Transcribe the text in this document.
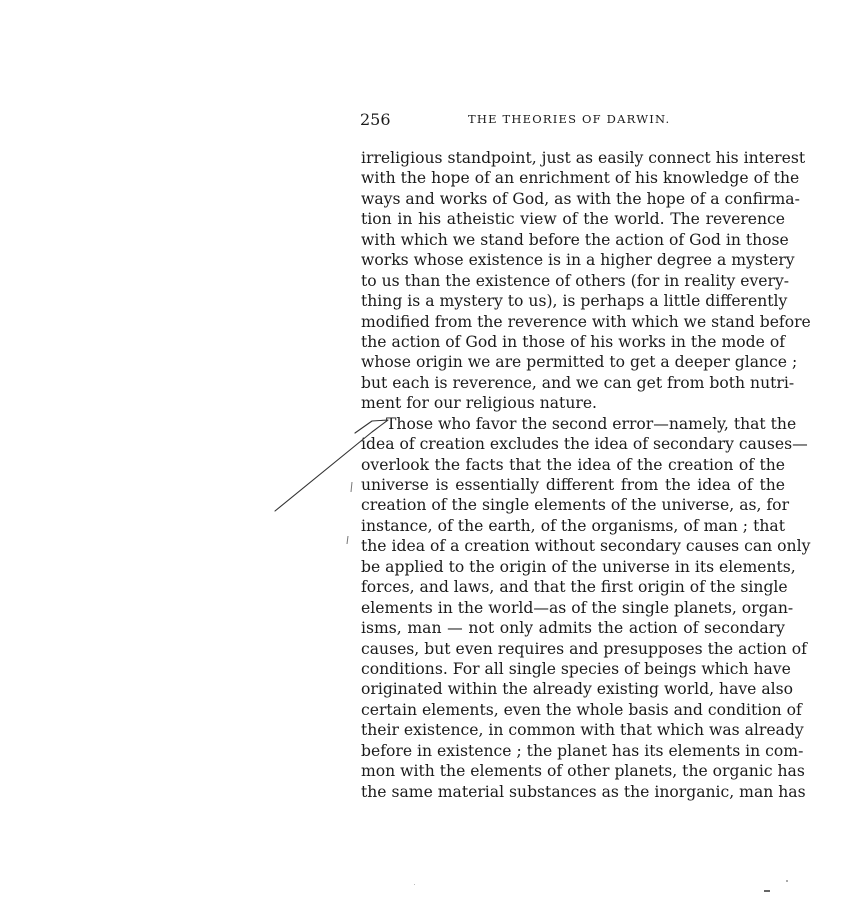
256	THE THEORIES OF DARWIN.
irreligious standpoint, just as easily connect his interest
with the hope of an enrichment of his knowledge of the
ways and works of God, as with the hope of a confirma-
tion in his atheistic view of the world. The reverence
with which we stand before the action of God in those
works whose existence is in a higher degree a mystery
to us than the existence of others (for in reality every-
thing is a mystery to us), is perhaps a little differently
modified from the reverence with which we stand before
the action of God in those of his works in the mode of
whose origin we are permitted to get a deeper glance ;
but each is reverence, and we can get from both nutri-
ment for our religious nature.
Those who favor the second error—namely, that the
idea of creation excludes the idea of secondary causes—
overlook the facts that the idea of the creation of the
universe is essentially different from the idea of the
creation of the single elements of the universe, as, for
instance, of the earth, of the organisms, of man ; that
the idea of a creation without secondary causes can only
be applied to the origin of the universe in its elements,
forces, and laws, and that the first origin of the single
elements in the world—as of the single planets, organ-
isms, man — not only admits the action of secondary
causes, but even requires and presupposes the action of
conditions. For all single species of beings which have
originated within the already existing world, have also
certain elements, even the whole basis and condition of
their existence, in common with that which was already
before in existence ; the planet has its elements in com-
mon with the elements of other planets, the organic has
the same material substances as the inorganic, man has
